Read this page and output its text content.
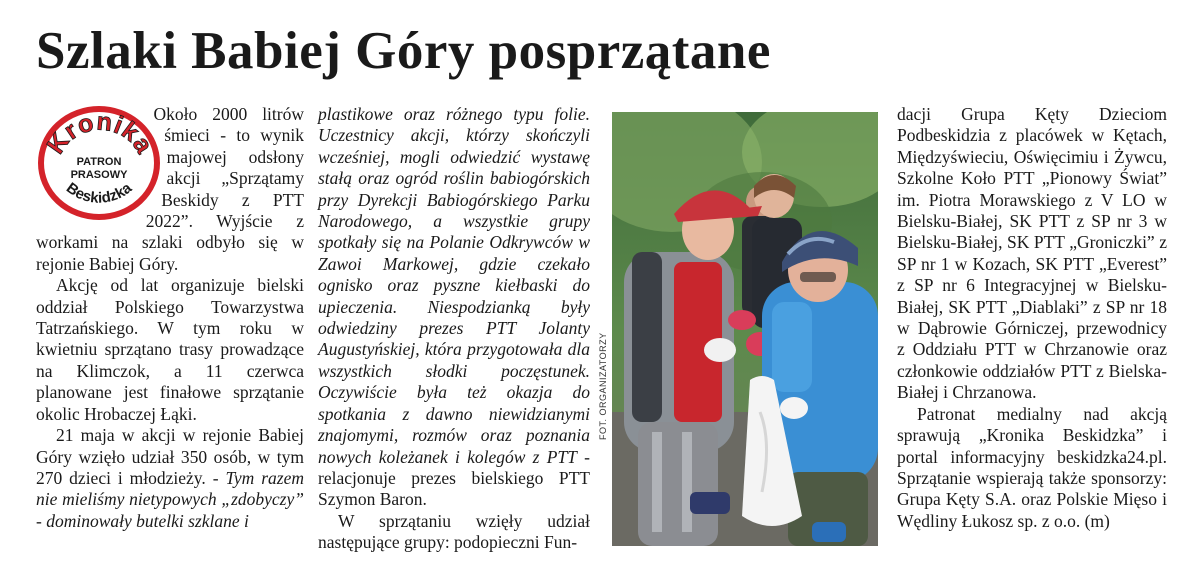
Szlaki Babiej Góry posprzątane
Kronika
PATRON
PRASOWY
Beskidzka

Około 2000 litrów śmieci - to wynik majowej odsłony akcji „Sprzątamy Beskidy z PTT 2022”. Wyjście z workami na szlaki odbyło się w rejonie Babiej Góry.

Akcję od lat organizuje bielski oddział Polskiego Towarzystwa Tatrzańskiego. W tym roku w kwietniu sprzątano trasy prowadzące na Klimczok, a 11 czerwca planowane jest finałowe sprzątanie okolic Hrobaczej Łąki.

21 maja w akcji w rejonie Babiej Góry wzięło udział 350 osób, w tym 270 dzieci i młodzieży. - Tym razem nie mieliśmy nietypowych „zdobyczy” - dominowały butelki szklane i

plastikowe oraz różnego typu folie. Uczestnicy akcji, którzy skończyli wcześniej, mogli odwiedzić wystawę stałą oraz ogród roślin babiogórskich przy Dyrekcji Babiogórskiego Parku Narodowego, a wszystkie grupy spotkały się na Polanie Odkrywców w Zawoi Markowej, gdzie czekało ognisko oraz pyszne kiełbaski do upieczenia. Niespodzianką były odwiedziny prezes PTT Jolanty Augustyńskiej, która przygotowała dla wszystkich słodki poczęstunek. Oczywiście była też okazja do spotkania z dawno niewidzianymi znajomymi, rozmów oraz poznania nowych koleżanek i kolegów z PTT - relacjonuje prezes bielskiego PTT Szymon Baron.

W sprzątaniu wzięły udział następujące grupy: podopieczni Fun-

FOT. ORGANIZATORZY

dacji Grupa Kęty Dzieciom Podbeskidzia z placówek w Kętach, Międzyświeciu, Oświęcimiu i Żywcu, Szkolne Koło PTT „Pionowy Świat” im. Piotra Morawskiego z V LO w Bielsku-Białej, SK PTT z SP nr 3 w Bielsku-Białej, SK PTT „Groniczki” z SP nr 1 w Kozach, SK PTT „Everest” z SP nr 6 Integracyjnej w Bielsku-Białej, SK PTT „Diablaki” z SP nr 18 w Dąbrowie Górniczej, przewodnicy z Oddziału PTT w Chrzanowie oraz członkowie oddziałów PTT z Bielska-Białej i Chrzanowa.

Patronat medialny nad akcją sprawują „Kronika Beskidzka” i portal informacyjny beskidzka24.pl. Sprzątanie wspierają także sponsorzy: Grupa Kęty S.A. oraz Polskie Mięso i Wędliny Łukosz sp. z o.o. (m)
